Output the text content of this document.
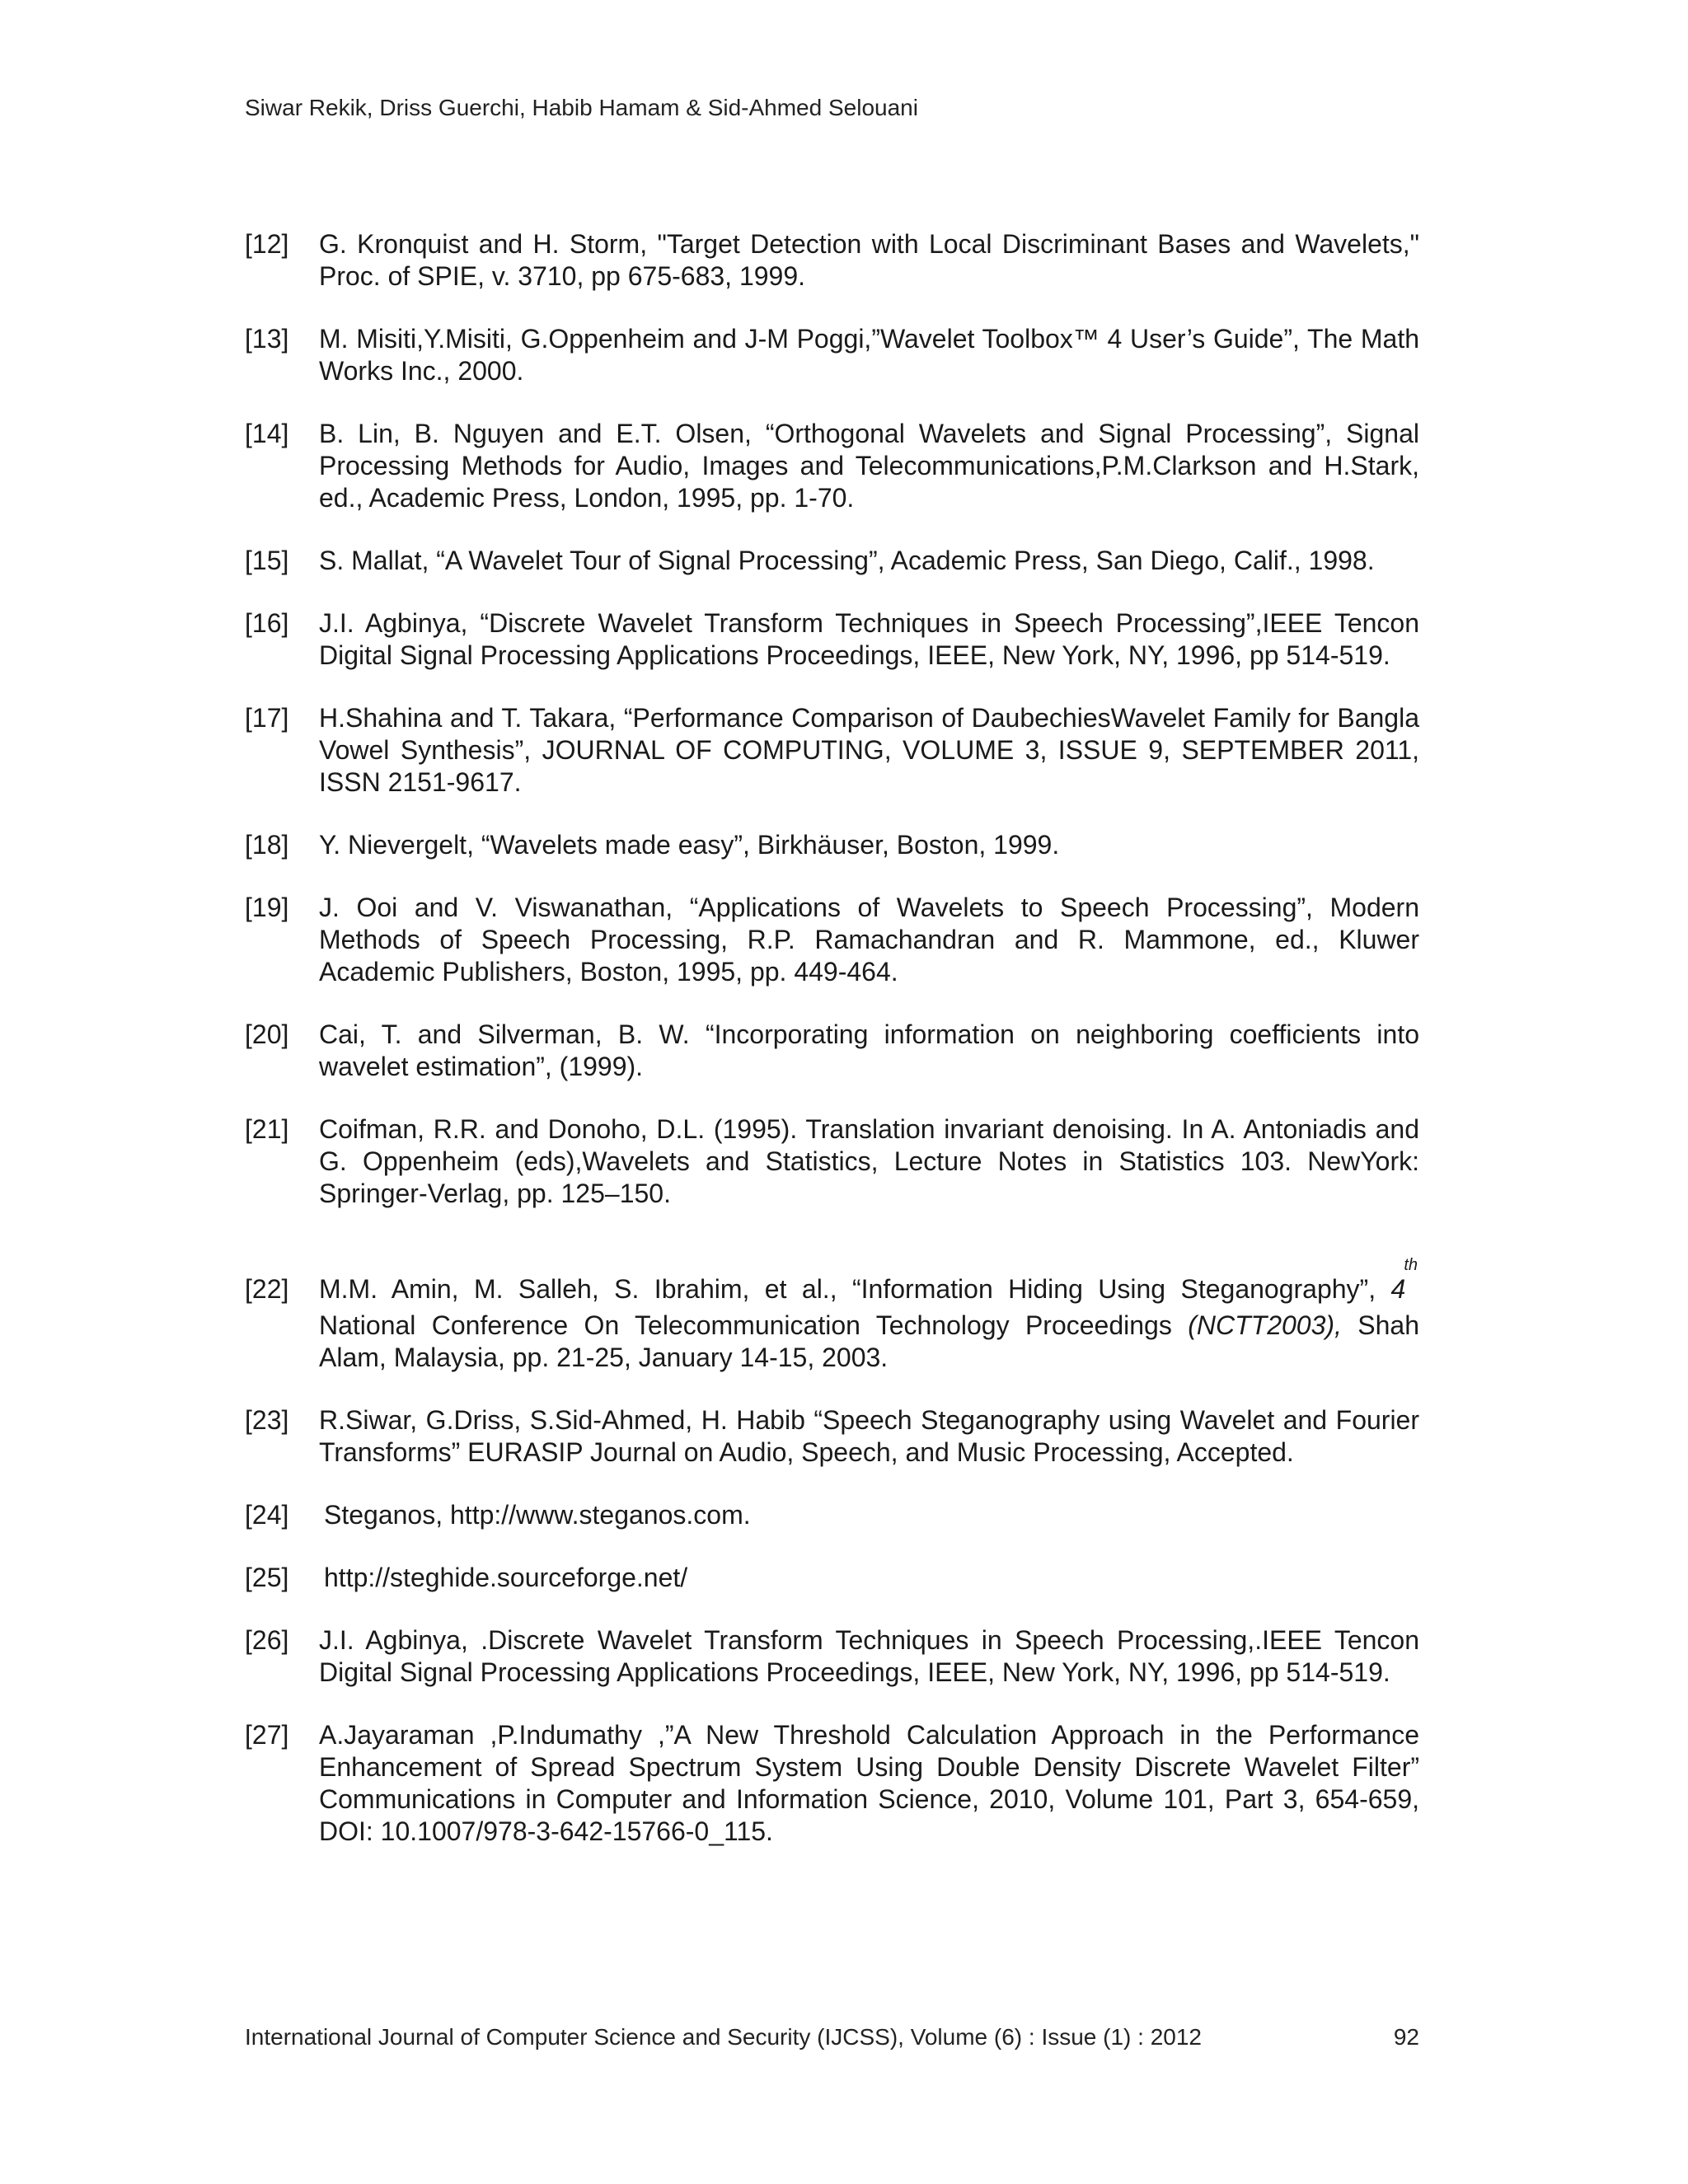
Siwar Rekik, Driss Guerchi, Habib Hamam & Sid-Ahmed Selouani
[12]	G. Kronquist and H. Storm, "Target Detection with Local Discriminant Bases and Wavelets," Proc. of SPIE, v. 3710, pp 675-683, 1999.
[13]	M. Misiti,Y.Misiti, G.Oppenheim and J-M Poggi,”Wavelet Toolbox™ 4 User’s Guide”, The Math Works Inc., 2000.
[14]	B. Lin, B. Nguyen and E.T. Olsen, “Orthogonal Wavelets and Signal Processing”, Signal Processing Methods for Audio, Images and Telecommunications,P.M.Clarkson and H.Stark, ed., Academic Press, London, 1995, pp. 1-70.
[15]	S. Mallat, “A Wavelet Tour of Signal Processing”, Academic Press, San Diego, Calif., 1998.
[16]	J.I. Agbinya, “Discrete Wavelet Transform Techniques in Speech Processing”,IEEE Tencon Digital Signal Processing Applications Proceedings, IEEE, New York, NY, 1996, pp 514-519.
[17]	H.Shahina and T. Takara, “Performance Comparison of DaubechiesWavelet Family for Bangla Vowel Synthesis”, JOURNAL OF COMPUTING, VOLUME 3, ISSUE 9, SEPTEMBER 2011, ISSN 2151-9617.
[18]	Y. Nievergelt, “Wavelets made easy”, Birkhäuser, Boston, 1999.
[19]	J. Ooi and V. Viswanathan, “Applications of Wavelets to Speech Processing”, Modern Methods of Speech Processing, R.P. Ramachandran and R. Mammone, ed., Kluwer Academic Publishers, Boston, 1995, pp. 449-464.
[20]	Cai, T. and Silverman, B. W. “Incorporating information on neighboring coefficients into wavelet estimation”, (1999).
[21]	Coifman, R.R. and Donoho, D.L. (1995). Translation invariant denoising. In A. Antoniadis and G. Oppenheim (eds),Wavelets and Statistics, Lecture Notes in Statistics 103. NewYork: Springer-Verlag, pp. 125–150.
[22]	M.M. Amin, M. Salleh, S. Ibrahim, et al., “Information Hiding Using Steganography”, 4th National Conference On Telecommunication Technology Proceedings (NCTT2003), Shah Alam, Malaysia, pp. 21-25, January 14-15, 2003.
[23]	R.Siwar, G.Driss, S.Sid-Ahmed, H. Habib “Speech Steganography using Wavelet and Fourier Transforms” EURASIP Journal on Audio, Speech, and Music Processing, Accepted.
[24]	Steganos, http://www.steganos.com.
[25]	http://steghide.sourceforge.net/
[26]	J.I. Agbinya, .Discrete Wavelet Transform Techniques in Speech Processing,.IEEE Tencon Digital Signal Processing Applications Proceedings, IEEE, New York, NY, 1996, pp 514-519.
[27]	A.Jayaraman ,P.Indumathy ,”A New Threshold Calculation Approach in the Performance Enhancement of Spread Spectrum System Using Double Density Discrete Wavelet Filter” Communications in Computer and Information Science, 2010, Volume 101, Part 3, 654-659, DOI: 10.1007/978-3-642-15766-0_115.
International Journal of Computer Science and Security (IJCSS), Volume (6) : Issue (1) : 2012	92
